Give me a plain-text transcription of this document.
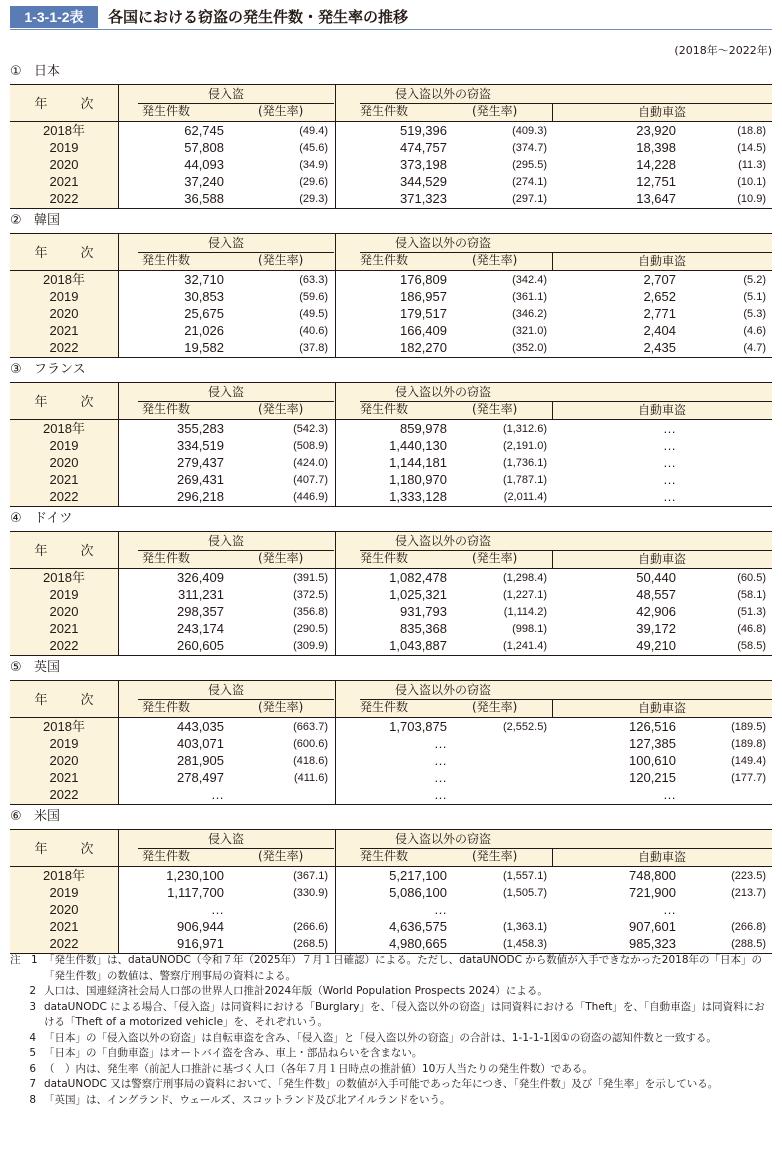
1-3-1-2表	各国における窃盗の発生件数・発生率の推移
(2018年～2022年)
① 日本
年　次
侵入盗	侵入盗以外の窃盗
発生件数	(発生率)	発生件数	(発生率)	自動車盗
2018年	62,745	(49.4)	519,396	(409.3)	23,920	(18.8)
2019	57,808	(45.6)	474,757	(374.7)	18,398	(14.5)
2020	44,093	(34.9)	373,198	(295.5)	14,228	(11.3)
2021	37,240	(29.6)	344,529	(274.1)	12,751	(10.1)
2022	36,588	(29.3)	371,323	(297.1)	13,647	(10.9)
② 韓国
年　次
侵入盗	侵入盗以外の窃盗
発生件数	(発生率)	発生件数	(発生率)	自動車盗
2018年	32,710	(63.3)	176,809	(342.4)	2,707	(5.2)
2019	30,853	(59.6)	186,957	(361.1)	2,652	(5.1)
2020	25,675	(49.5)	179,517	(346.2)	2,771	(5.3)
2021	21,026	(40.6)	166,409	(321.0)	2,404	(4.6)
2022	19,582	(37.8)	182,270	(352.0)	2,435	(4.7)
③ フランス
年　次
侵入盗	侵入盗以外の窃盗
発生件数	(発生率)	発生件数	(発生率)	自動車盗
2018年	355,283	(542.3)	859,978	(1,312.6)	…
2019	334,519	(508.9)	1,440,130	(2,191.0)	…
2020	279,437	(424.0)	1,144,181	(1,736.1)	…
2021	269,431	(407.7)	1,180,970	(1,787.1)	…
2022	296,218	(446.9)	1,333,128	(2,011.4)	…
④ ドイツ
年　次
侵入盗	侵入盗以外の窃盗
発生件数	(発生率)	発生件数	(発生率)	自動車盗
2018年	326,409	(391.5)	1,082,478	(1,298.4)	50,440	(60.5)
2019	311,231	(372.5)	1,025,321	(1,227.1)	48,557	(58.1)
2020	298,357	(356.8)	931,793	(1,114.2)	42,906	(51.3)
2021	243,174	(290.5)	835,368	(998.1)	39,172	(46.8)
2022	260,605	(309.9)	1,043,887	(1,241.4)	49,210	(58.5)
⑤ 英国
年　次
侵入盗	侵入盗以外の窃盗
発生件数	(発生率)	発生件数	(発生率)	自動車盗
2018年	443,035	(663.7)	1,703,875	(2,552.5)	126,516	(189.5)
2019	403,071	(600.6)	…	127,385	(189.8)
2020	281,905	(418.6)	…	100,610	(149.4)
2021	278,497	(411.6)	…	120,215	(177.7)
2022	…	…	…
⑥ 米国
年　次
侵入盗	侵入盗以外の窃盗
発生件数	(発生率)	発生件数	(発生率)	自動車盗
2018年	1,230,100	(367.1)	5,217,100	(1,557.1)	748,800	(223.5)
2019	1,117,700	(330.9)	5,086,100	(1,505.7)	721,900	(213.7)
2020	…	…	…
2021	906,944	(266.6)	4,636,575	(1,363.1)	907,601	(266.8)
2022	916,971	(268.5)	4,980,665	(1,458.3)	985,323	(288.5)
注　1 「発生件数」は、dataUNODC（令和７年（2025年）７月１日確認）による。ただし、dataUNODC から数値が入手できなかった2018年の「日本」の「発生件数」の数値は、警察庁刑事局の資料による。
2 人口は、国連経済社会局人口部の世界人口推計2024年版（World Population Prospects 2024）による。
3 dataUNODC による場合、「侵入盗」は同資料における「Burglary」を、「侵入盗以外の窃盗」は同資料における「Theft」を、「自動車盗」は同資料における「Theft of a motorized vehicle」を、それぞれいう。
4 「日本」の「侵入盗以外の窃盗」は自転車盗を含み、「侵入盗」と「侵入盗以外の窃盗」の合計は、1-1-1-1図①の窃盗の認知件数と一致する。
5 「日本」の「自動車盗」はオートバイ盗を含み、車上・部品ねらいを含まない。
6 （　）内は、発生率（前記人口推計に基づく人口（各年７月１日時点の推計値）10万人当たりの発生件数）である。
7 dataUNODC 又は警察庁刑事局の資料において、「発生件数」の数値が入手可能であった年につき、「発生件数」及び「発生率」を示している。
8 「英国」は、イングランド、ウェールズ、スコットランド及び北アイルランドをいう。
